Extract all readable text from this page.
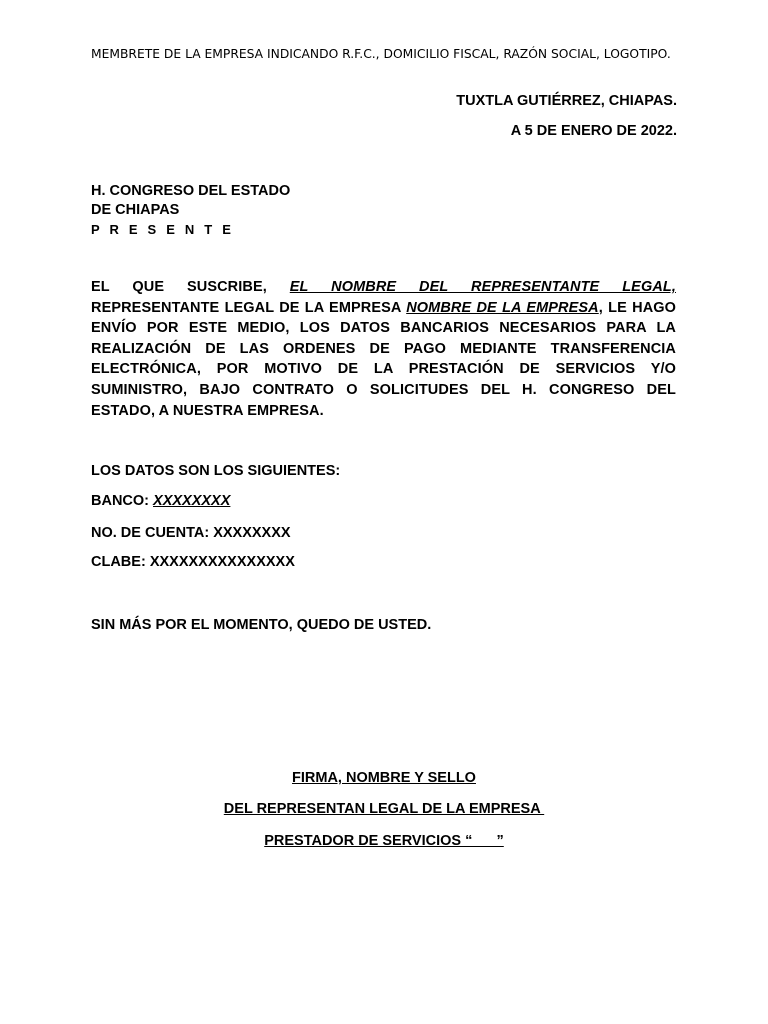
MEMBRETE DE LA EMPRESA INDICANDO R.F.C., DOMICILIO FISCAL, RAZÓN SOCIAL, LOGOTIPO.
TUXTLA GUTIÉRREZ, CHIAPAS.
A 5 DE ENERO DE 2022.
H. CONGRESO DEL ESTADO
DE CHIAPAS
P R E S E N T E
EL QUE SUSCRIBE, EL NOMBRE DEL REPRESENTANTE LEGAL, REPRESENTANTE LEGAL DE LA EMPRESA NOMBRE DE LA EMPRESA, LE HAGO ENVÍO POR ESTE MEDIO, LOS DATOS BANCARIOS NECESARIOS PARA LA REALIZACIÓN DE LAS ORDENES DE PAGO MEDIANTE TRANSFERENCIA ELECTRÓNICA, POR MOTIVO DE LA PRESTACIÓN DE SERVICIOS Y/O SUMINISTRO, BAJO CONTRATO O SOLICITUDES DEL H. CONGRESO DEL ESTADO, A NUESTRA EMPRESA.
LOS DATOS SON LOS SIGUIENTES:
BANCO: XXXXXXXX
NO. DE CUENTA: XXXXXXXX
CLABE: XXXXXXXXXXXXXXX
SIN MÁS POR EL MOMENTO, QUEDO DE USTED.
FIRMA, NOMBRE Y SELLO
DEL REPRESENTAN LEGAL DE LA EMPRESA
PRESTADOR DE SERVICIOS “      ”
